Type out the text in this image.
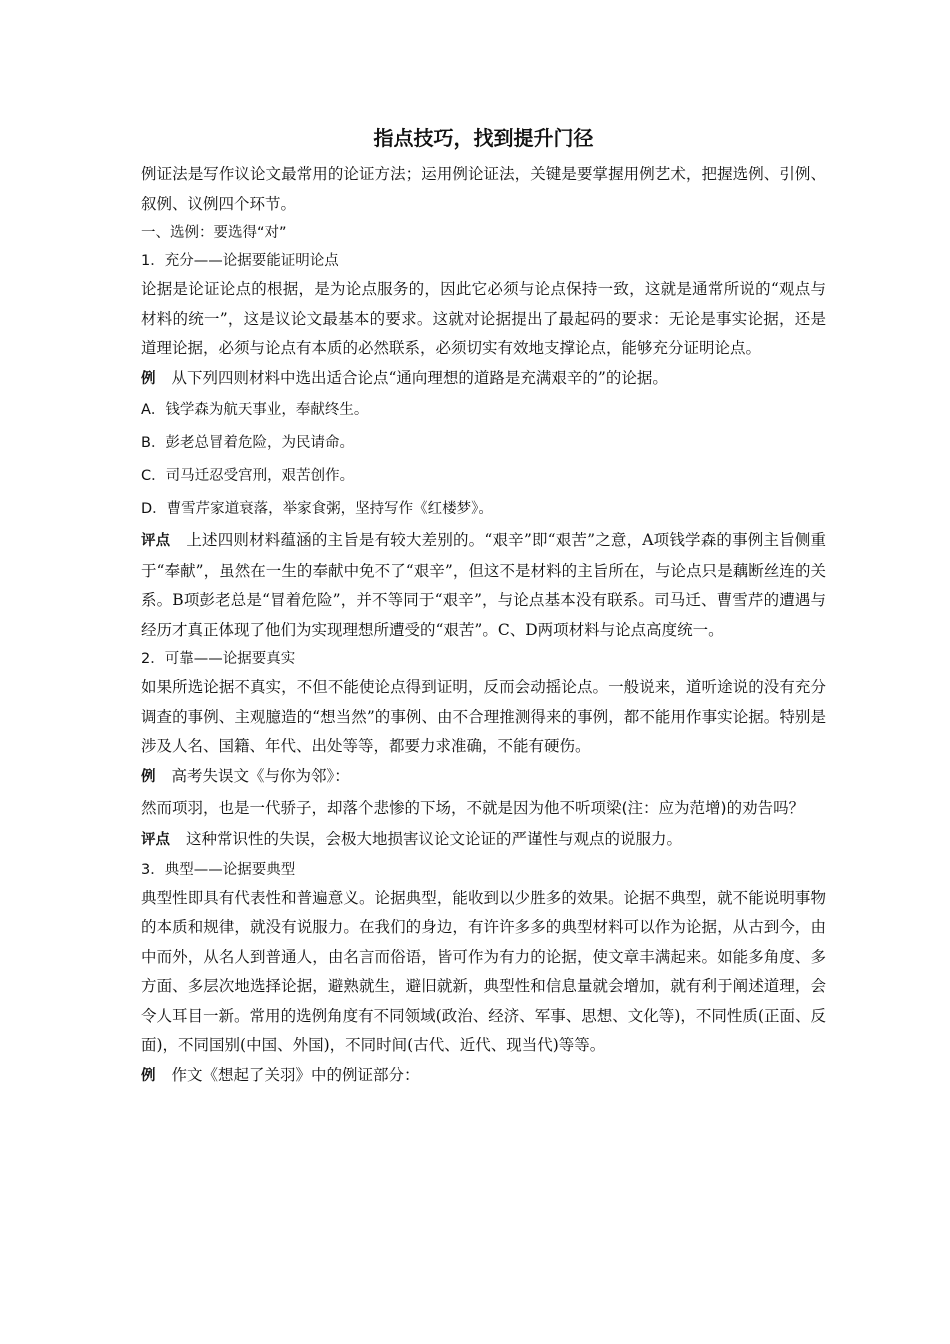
指点技巧，找到提升门径

例证法是写作议论文最常用的论证方法；运用例论证法，关键是要掌握用例艺术，把握选例、引例、叙例、议例四个环节。

一、选例：要选得“对”

1．充分——论据要能证明论点

论据是论证论点的根据，是为论点服务的，因此它必须与论点保持一致，这就是通常所说的“观点与材料的统一”，这是议论文最基本的要求。这就对论据提出了最起码的要求：无论是事实论据，还是道理论据，必须与论点有本质的必然联系，必须切实有效地支撑论点，能够充分证明论点。

例 从下列四则材料中选出适合论点“通向理想的道路是充满艰辛的”的论据。

A．钱学森为航天事业，奉献终生。

B．彭老总冒着危险，为民请命。

C．司马迁忍受宫刑，艰苦创作。

D．曹雪芹家道衰落，举家食粥，坚持写作《红楼梦》。

评点 上述四则材料蕴涵的主旨是有较大差别的。“艰辛”即“艰苦”之意，A项钱学森的事例主旨侧重于“奉献”，虽然在一生的奉献中免不了“艰辛”，但这不是材料的主旨所在，与论点只是藕断丝连的关系。B项彭老总是“冒着危险”，并不等同于“艰辛”，与论点基本没有联系。司马迁、曹雪芹的遭遇与经历才真正体现了他们为实现理想所遭受的“艰苦”。C、D两项材料与论点高度统一。

2．可靠——论据要真实

如果所选论据不真实，不但不能使论点得到证明，反而会动摇论点。一般说来，道听途说的没有充分调查的事例、主观臆造的“想当然”的事例、由不合理推测得来的事例，都不能用作事实论据。特别是涉及人名、国籍、年代、出处等等，都要力求准确，不能有硬伤。

例 高考失误文《与你为邻》：

然而项羽，也是一代骄子，却落个悲惨的下场，不就是因为他不听项梁(注：应为范增)的劝告吗？

评点 这种常识性的失误，会极大地损害议论文论证的严谨性与观点的说服力。

3．典型——论据要典型

典型性即具有代表性和普遍意义。论据典型，能收到以少胜多的效果。论据不典型，就不能说明事物的本质和规律，就没有说服力。在我们的身边，有许许多多的典型材料可以作为论据，从古到今，由中而外，从名人到普通人，由名言而俗语，皆可作为有力的论据，使文章丰满起来。如能多角度、多方面、多层次地选择论据，避熟就生，避旧就新，典型性和信息量就会增加，就有利于阐述道理，会令人耳目一新。常用的选例角度有不同领域(政治、经济、军事、思想、文化等)，不同性质(正面、反面)，不同国别(中国、外国)，不同时间(古代、近代、现当代)等等。

例 作文《想起了关羽》中的例证部分：
